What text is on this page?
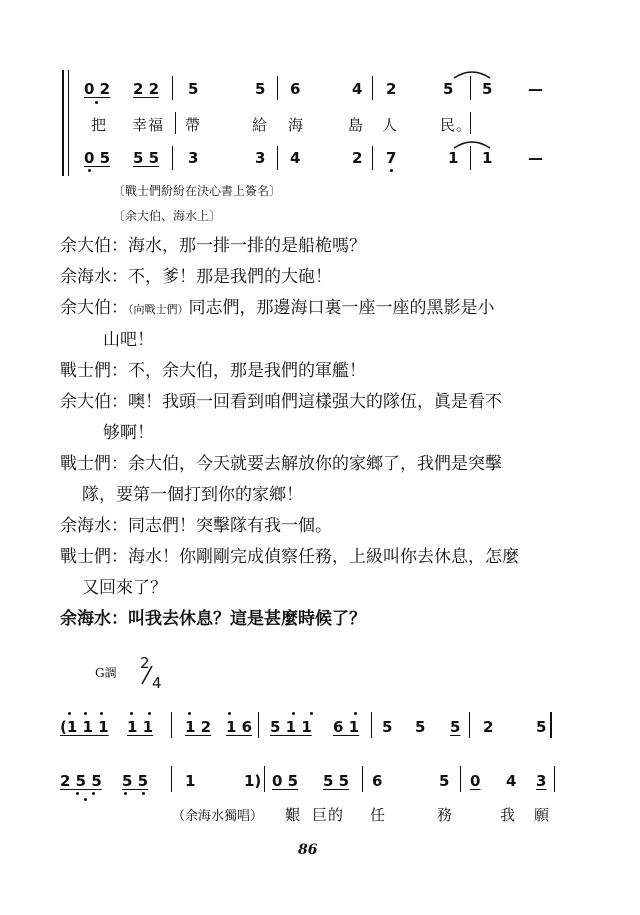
0 2 2 2 5	5 6	4 2	5 5 —
把 幸福 帶	給 海	島 人	民。
0 5 5 5 3	3 4	2 7	1 1 —
〔戰士們紛紛在決心書上簽名〕
〔余大伯、海水上〕
余大伯：海水，那一排一排的是船桅嗎？
余海水：不，爹！那是我們的大砲！
余大伯：（向戰士們）同志們，那邊海口裏一座一座的黑影是小
山吧！
戰士們：不，余大伯，那是我們的軍艦！
余大伯：噢！我頭一回看到咱們這樣强大的隊伍，眞是看不
够啊！
戰士們：余大伯，今天就要去解放你的家鄉了，我們是突擊
隊，要第一個打到你的家鄉！
余海水：同志們！突擊隊有我一個。
戰士們：海水！你剛剛完成偵察任務，上級叫你去休息，怎麼
又回來了？
余海水：叫我去休息？這是甚麼時候了？
G調
2
4
(1 1 1 1 1 1 2 1 6 5 1 1 6 1 5 5 5 2	5
2 5 5 5 5 1	1) 0 5 5 5 6	5 0 4 3
（余海水獨唱） 艱 巨的 任	務	我 願
86
